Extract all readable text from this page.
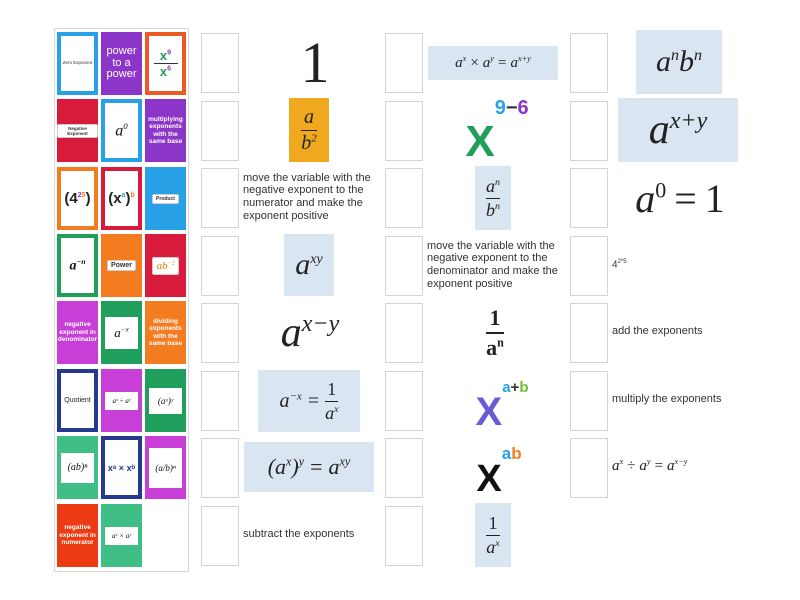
Zero Exponent
power to a power
$x^9$
$x^6$
Negative Exponent	$a^0$
multiplying exponents with the same base
$(4^{25})$ $(x^a)^b$	Product
$a^{-n}$	Power	$ab^{-2}$
negative exponent in denominator
$a^{-x}$
dividing exponents with the same base
Quotient	aˣ ÷ aʸ	(aˣ)ʸ
(ab)ⁿ xᵃ × xᵇ (a/b)ⁿ
negative exponent in numerator
aˣ × aʸ
1
$\frac{a}{b^2}$
move the variable with the negative exponent to the numerator and make the exponent positive
$a^{xy}$
$a^{x-y}$
$a^{-x} = \frac{1}{a^x}$
$(a^x)^y = a^{xy}$
subtract the exponents
$a^x \times a^y = a^{x+y}$
X
9−6
$\frac{a^n}{b^n}$
move the variable with the negative exponent to the denominator and make the exponent positive
$\frac{1}{a^n}$
X
a+b
X
ab
$\frac{1}{a^x}$
$a^nb^n$
$a^{x+y}$
$a^0 = 1$
$4^{2*5}$
add the exponents
multiply the exponents
$a^x \div a^y = a^{x-y}$
